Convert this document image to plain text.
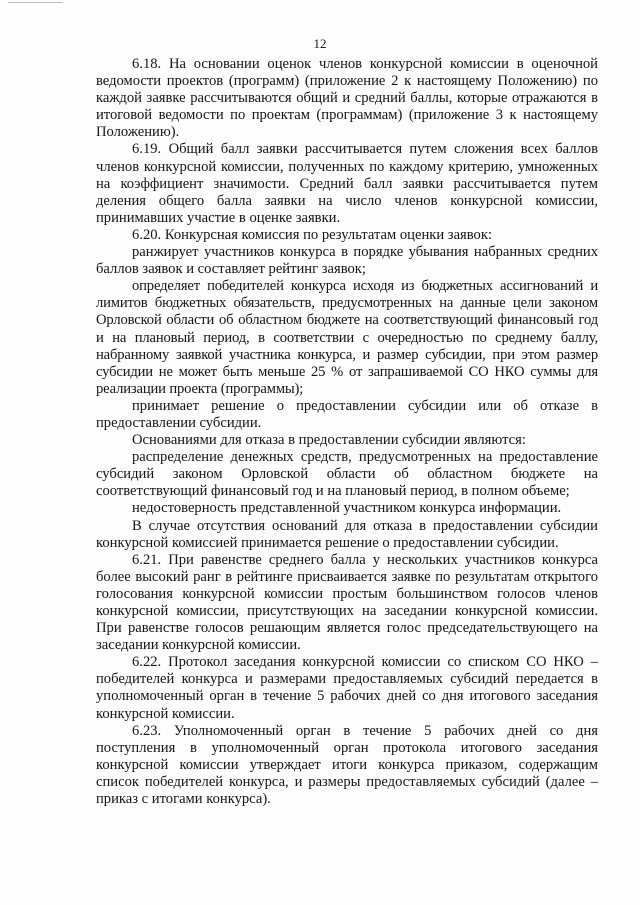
12

6.18. На основании оценок членов конкурсной комиссии в оценочной ведомости проектов (программ) (приложение 2 к настоящему Положению) по каждой заявке рассчитываются общий и средний баллы, которые отражаются в итоговой ведомости по проектам (программам) (приложение 3 к настоящему Положению).

6.19. Общий балл заявки рассчитывается путем сложения всех баллов членов конкурсной комиссии, полученных по каждому критерию, умноженных на коэффициент значимости. Средний балл заявки рассчитывается путем деления общего балла заявки на число членов конкурсной комиссии, принимавших участие в оценке заявки.

6.20. Конкурсная комиссия по результатам оценки заявок:

ранжирует участников конкурса в порядке убывания набранных средних баллов заявок и составляет рейтинг заявок;

определяет победителей конкурса исходя из бюджетных ассигнований и лимитов бюджетных обязательств, предусмотренных на данные цели законом Орловской области об областном бюджете на соответствующий финансовый год и на плановый период, в соответствии с очередностью по среднему баллу, набранному заявкой участника конкурса, и размер субсидии, при этом размер субсидии не может быть меньше 25 % от запрашиваемой СО НКО суммы для реализации проекта (программы);

принимает решение о предоставлении субсидии или об отказе в предоставлении субсидии.

Основаниями для отказа в предоставлении субсидии являются:

распределение денежных средств, предусмотренных на предоставление субсидий законом Орловской области об областном бюджете на соответствующий финансовый год и на плановый период, в полном объеме;

недостоверность представленной участником конкурса информации.

В случае отсутствия оснований для отказа в предоставлении субсидии конкурсной комиссией принимается решение о предоставлении субсидии.

6.21. При равенстве среднего балла у нескольких участников конкурса более высокий ранг в рейтинге присваивается заявке по результатам открытого голосования конкурсной комиссии простым большинством голосов членов конкурсной комиссии, присутствующих на заседании конкурсной комиссии. При равенстве голосов решающим является голос председательствующего на заседании конкурсной комиссии.

6.22. Протокол заседания конкурсной комиссии со списком СО НКО – победителей конкурса и размерами предоставляемых субсидий передается в уполномоченный орган в течение 5 рабочих дней со дня итогового заседания конкурсной комиссии.

6.23. Уполномоченный орган в течение 5 рабочих дней со дня поступления в уполномоченный орган протокола итогового заседания конкурсной комиссии утверждает итоги конкурса приказом, содержащим список победителей конкурса, и размеры предоставляемых субсидий (далее – приказ с итогами конкурса).
